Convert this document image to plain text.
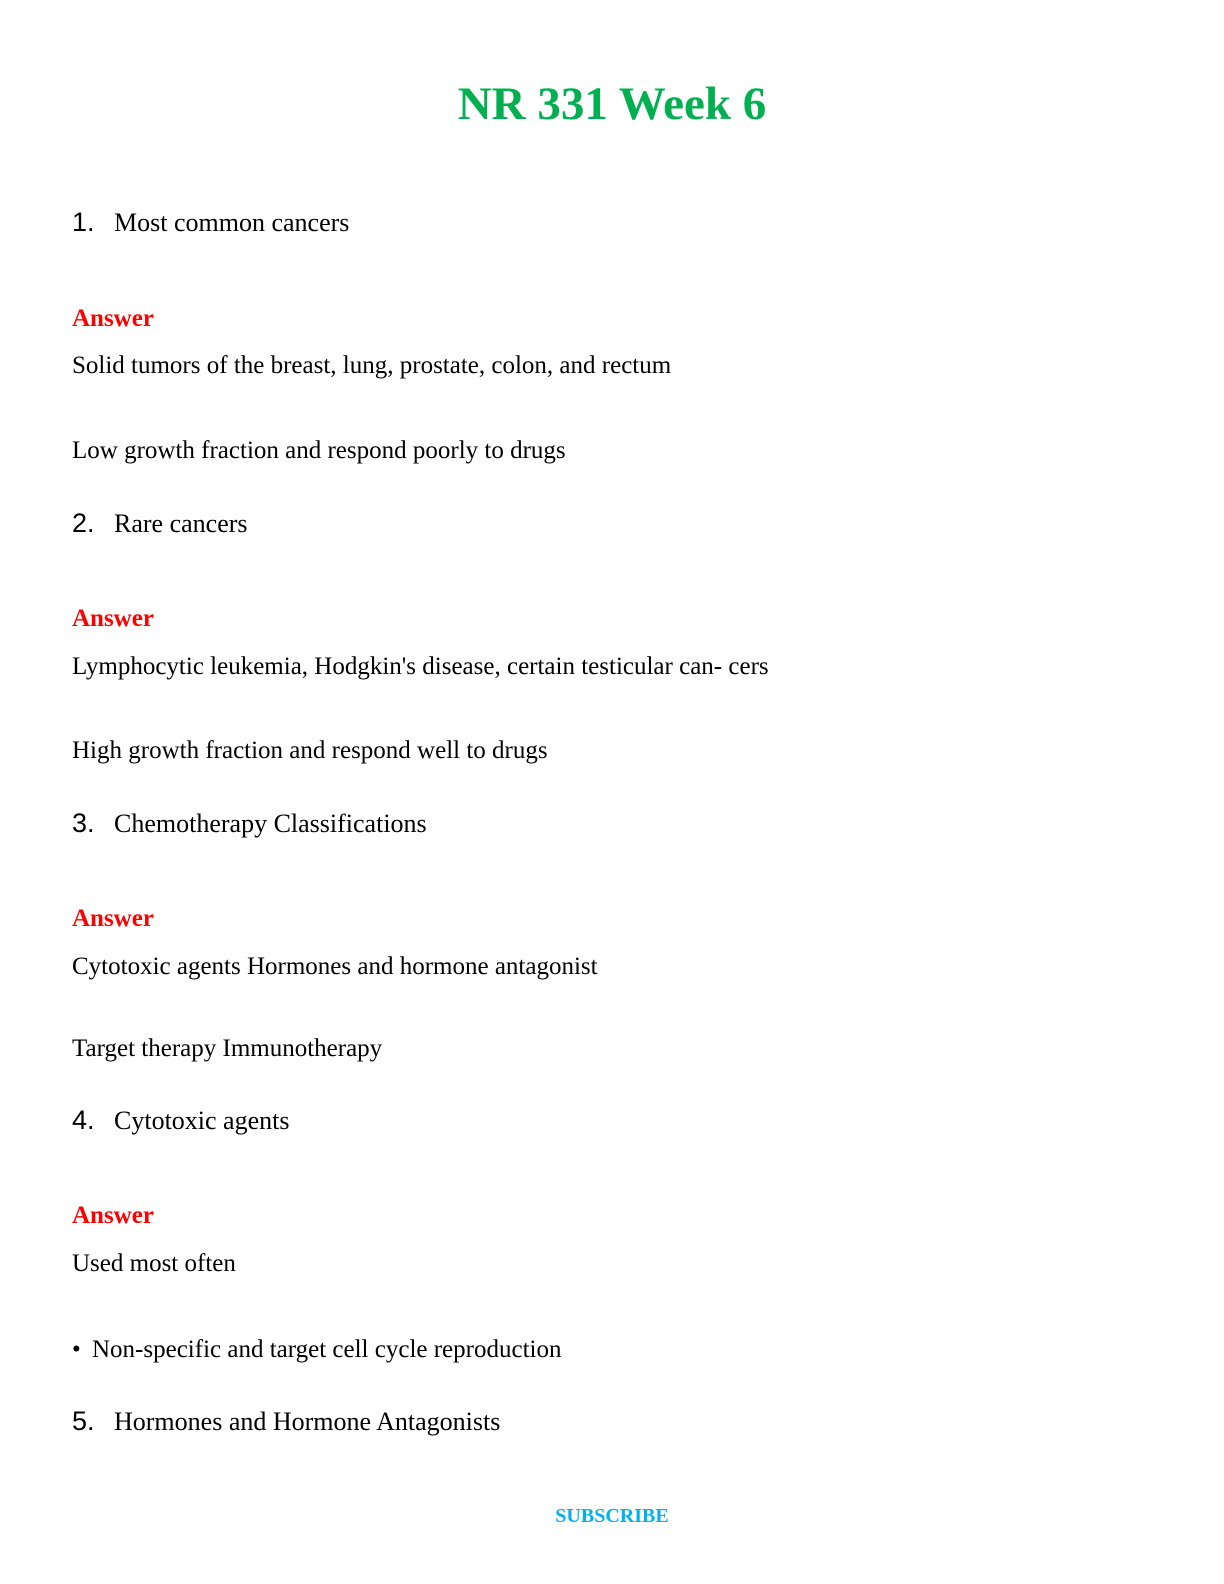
NR 331 Week 6
1. Most common cancers
Answer
Solid tumors of the breast, lung, prostate, colon, and rectum
Low growth fraction and respond poorly to drugs
2. Rare cancers
Answer
Lymphocytic leukemia, Hodgkin's disease, certain testicular can- cers
High growth fraction and respond well to drugs
3. Chemotherapy Classifications
Answer
Cytotoxic agents Hormones and hormone antagonist
Target therapy Immunotherapy
4. Cytotoxic agents
Answer
Used most often
• Non-specific and target cell cycle reproduction
5. Hormones and Hormone Antagonists
SUBSCRIBE
